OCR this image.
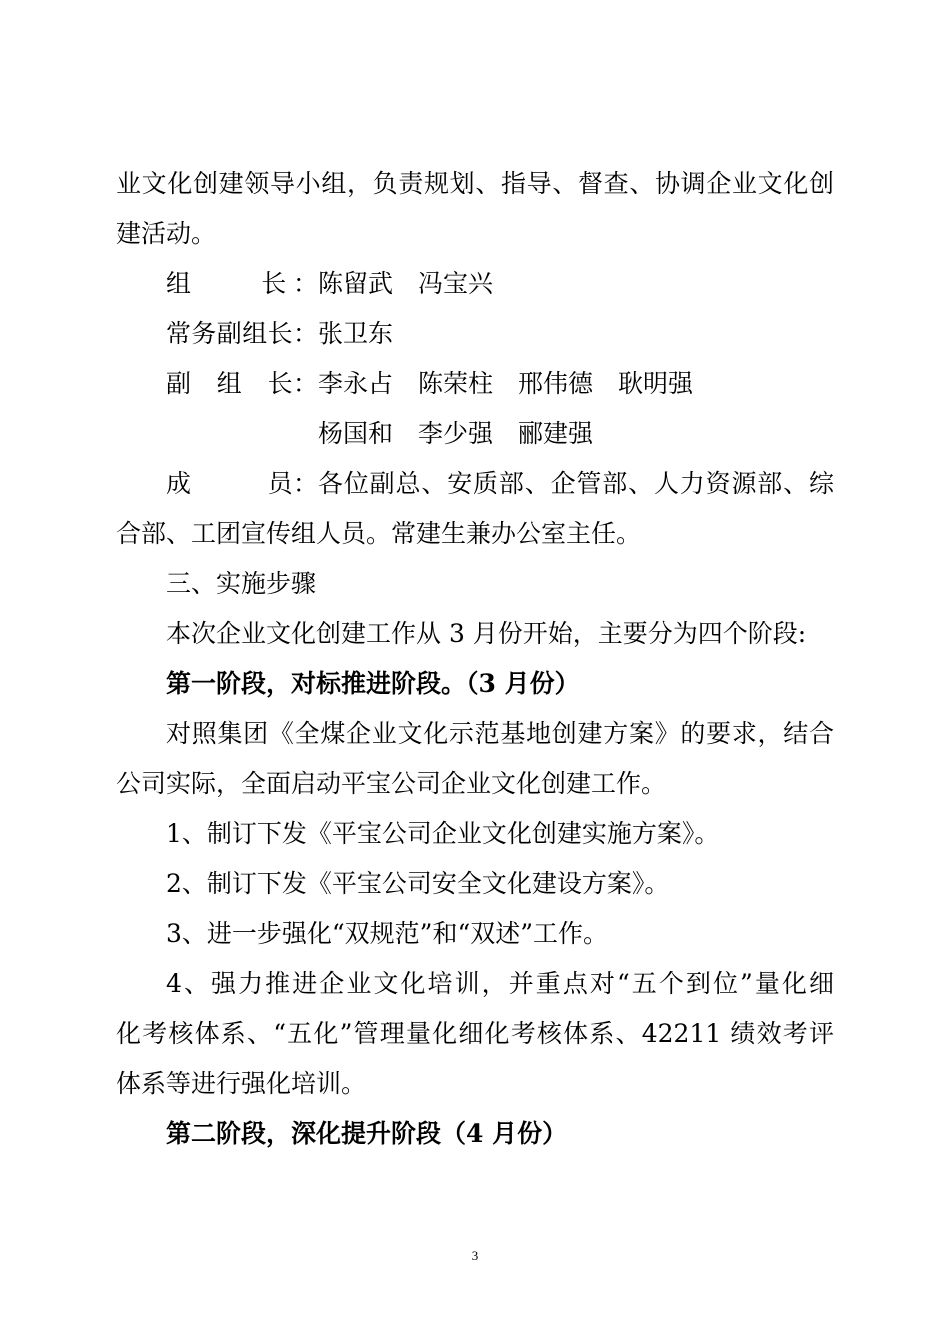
业文化创建领导小组，负责规划、指导、督查、协调企业文化创
建活动。
组　　长： 陈留武　冯宝兴
常务副组长： 张卫东
副　组　长： 李永占　陈荣柱　邢伟德　耿明强
杨国和　李少强　郦建强
成　　　员： 各位副总、安质部、企管部、人力资源部、综
合部、工团宣传组人员。常建生兼办公室主任。
三、实施步骤
本次企业文化创建工作从 3 月份开始，主要分为四个阶段:
第一阶段，对标推进阶段。（3 月份）
对照集团《全煤企业文化示范基地创建方案》的要求，结合
公司实际，全面启动平宝公司企业文化创建工作。
1、制订下发《平宝公司企业文化创建实施方案》。
2、制订下发《平宝公司安全文化建设方案》。
3、进一步强化“双规范”和“双述”工作。
4、强力推进企业文化培训，并重点对“五个到位”量化细
化考核体系、“五化”管理量化细化考核体系、42211 绩效考评
体系等进行强化培训。
第二阶段，深化提升阶段（4 月份）
3
